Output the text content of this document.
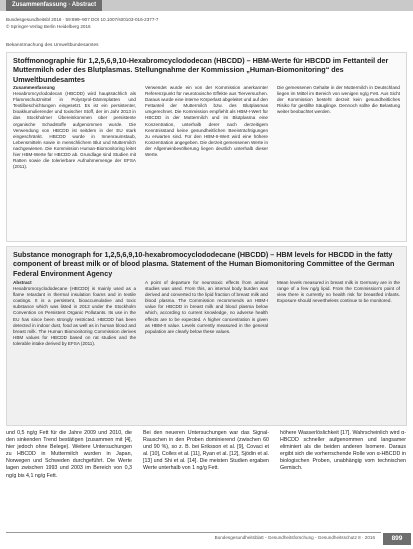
Zusammenfassung · Abstract
Bundesgesundheitsbl 2016 · 59:899–907 DOI 10.1007/s00103-016-2377-7
© Springer-Verlag Berlin Heidelberg 2016
Bekanntmachung des Umweltbundesamtes
Stoffmonographie für 1,2,5,6,9,10-Hexabromcyclododecan (HBCDD) – HBM-Werte für HBCDD im Fettanteil der Muttermilch oder des Blutplasmas. Stellungnahme der Kommission „Human-Biomonitoring“ des Umweltbundesamtes
Zusammenfassung
Hexabromcyclododecan (HBCDD) wird hauptsächlich als Flammschutzmittel in Polystyrol-Dämmplatten und Textilbeschichtungen eingesetzt. Es ist ein persistenter, bioakkumulierender und toxischer Stoff, der im Jahr 2013 in das Stockholmer Übereinkommen über persistente organische Schadstoffe aufgenommen wurde. Die Verwendung von HBCDD ist seitdem in der EU stark eingeschränkt. HBCDD wurde in Innenraumstaub, Lebensmitteln sowie in menschlichem Blut und Muttermilch nachgewiesen. Die Kommission Human-Biomonitoring leitet hier HBM-Werte für HBCDD ab. Grundlage sind Studien mit Ratten sowie die tolerierbare Aufnahmemenge der EFSA (2011).
Verwendet wurde ein von der Kommission anerkannter Referenzpunkt für neurotoxische Effekte aus Tierversuchen. Daraus wurde eine interne Körperlast abgeleitet und auf den Fettanteil der Muttermilch bzw. des Blutplasmas umgerechnet. Die Kommission empfiehlt als HBM-I-Wert für HBCDD in der Muttermilch und im Blutplasma eine Konzentration, unterhalb derer nach derzeitigem Kenntnisstand keine gesundheitlichen Beeinträchtigungen zu erwarten sind. Für den HBM-II-Wert wird eine höhere Konzentration angegeben. Die derzeit gemessenen Werte in der Allgemeinbevölkerung liegen deutlich unterhalb dieser Werte.
Die gemessenen Gehalte in der Muttermilch in Deutschland liegen im Mittel im Bereich von wenigen ng/g Fett. Aus Sicht der Kommission besteht derzeit kein gesundheitliches Risiko für gestillte Säuglinge. Dennoch sollte die Belastung weiter beobachtet werden.
Substance monograph for 1,2,5,6,9,10-hexabromocyclododecane (HBCDD) – HBM levels for HBCDD in the fatty component of breast milk or of blood plasma. Statement of the Human Biomonitoring Committee of the German Federal Environment Agency
Abstract
Hexabromocyclododecane (HBCDD) is mainly used as a flame retardant in thermal insulation foams and in textile coatings. It is a persistent, bioaccumulative and toxic substance which was listed in 2013 under the Stockholm Convention on Persistent Organic Pollutants. Its use in the EU has since been strongly restricted. HBCDD has been detected in indoor dust, food as well as in human blood and breast milk. The Human Biomonitoring Commission derives HBM values for HBCDD based on rat studies and the tolerable intake derived by EFSA (2011).
A point of departure for neurotoxic effects from animal studies was used. From this, an internal body burden was derived and converted to the lipid fraction of breast milk and blood plasma. The Commission recommends an HBM-I value for HBCDD in breast milk and blood plasma below which, according to current knowledge, no adverse health effects are to be expected. A higher concentration is given as HBM-II value. Levels currently measured in the general population are clearly below these values.
Mean levels measured in breast milk in Germany are in the range of a few ng/g lipid. From the Commission's point of view there is currently no health risk for breastfed infants. Exposure should nevertheless continue to be monitored.
und 0,5 ng/g Fett für die Jahre 2009 und 2010, die den sinkenden Trend bestätigen (zusammen mit [4], hier jedoch ohne Belege). Weitere Untersuchungen zu HBCDD in Muttermilch wurden in Japan, Norwegen und Schweden durchgeführt. Die Werte lagen zwischen 1993 und 2003 im Bereich von 0,3 ng/g bis 4,1 ng/g Fett.
Bei den neueren Untersuchungen war das Signal-Rauschen in den Proben dominierend (zwischen 60 und 90 %), so z. B. bei Eriksson et al. [9], Covaci et al. [10], Colles et al. [11], Ryan et al. [12], Sjödin et al. [13] und Shi et al. [14]. Die meisten Studien ergaben Werte unterhalb von 1 ng/g Fett.
höhere Wasserlöslichkeit [17]. Wahrscheinlich wird α-HBCDD schneller aufgenommen und langsamer eliminiert als die beiden anderen Isomere. Daraus ergibt sich die vorherrschende Rolle von α-HBCDD in biologischen Proben, unabhängig vom technischen Gemisch.
Bundesgesundheitsblatt - Gesundheitsforschung - Gesundheitsschutz 8 · 2016	899
